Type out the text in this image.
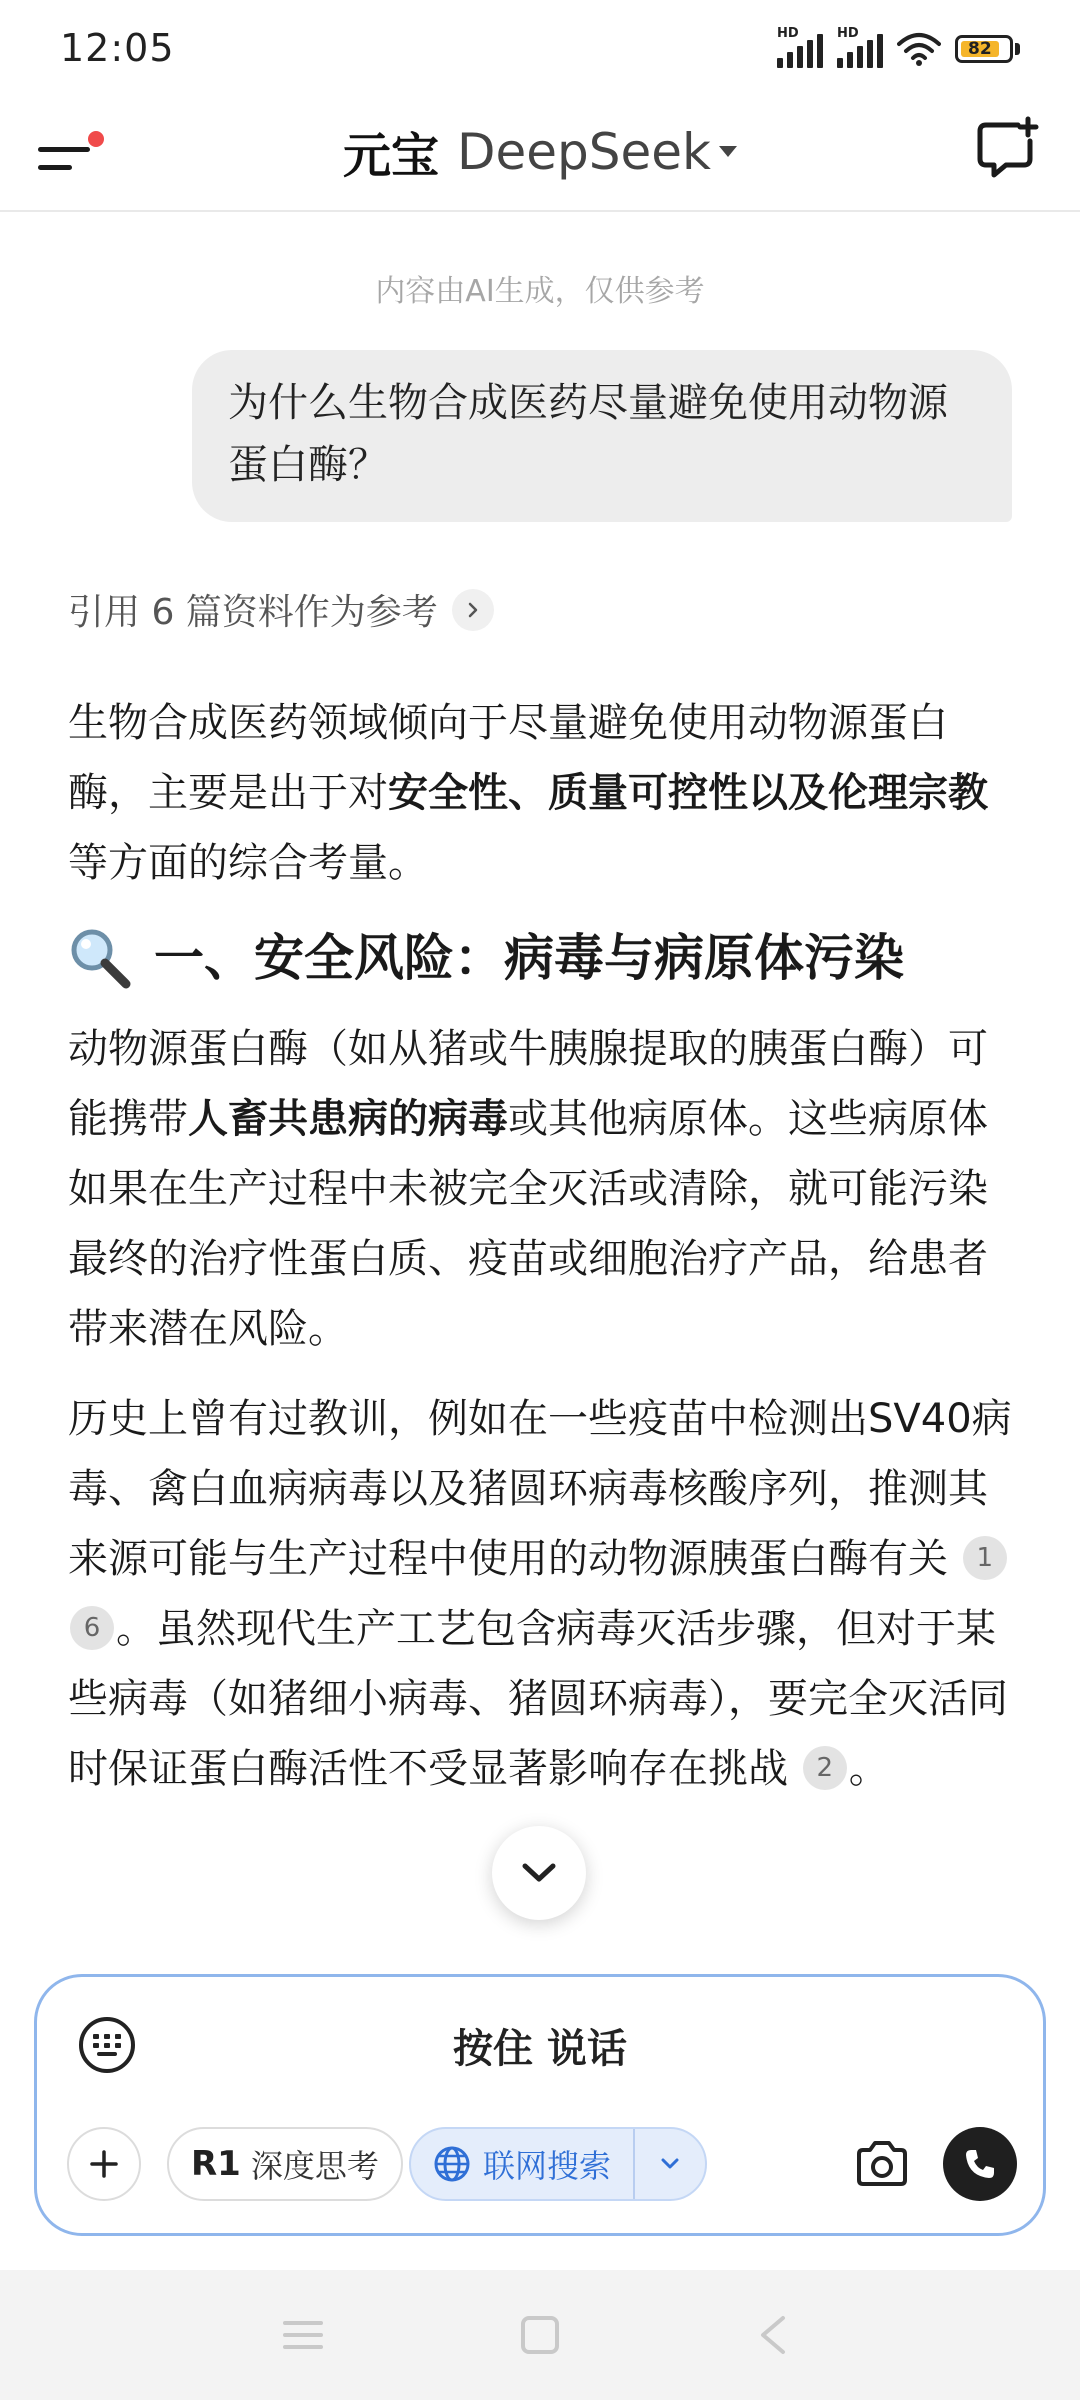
12:05	HD	HD
82
元宝 DeepSeek
内容由AI生成，仅供参考
为什么生物合成医药尽量避免使用动物源蛋白酶？
引用 6 篇资料作为参考

生物合成医药领域倾向于尽量避免使用动物源蛋白酶，主要是出于对安全性、质量可控性以及伦理宗教等方面的综合考量。

一、安全风险：病毒与病原体污染

动物源蛋白酶（如从猪或牛胰腺提取的胰蛋白酶）可能携带人畜共患病的病毒或其他病原体。这些病原体如果在生产过程中未被完全灭活或清除，就可能污染最终的治疗性蛋白质、疫苗或细胞治疗产品，给患者带来潜在风险。

历史上曾有过教训，例如在一些疫苗中检测出SV40病毒、禽白血病病毒以及猪圆环病毒核酸序列，推测其来源可能与生产过程中使用的动物源胰蛋白酶有关 16 。虽然现代生产工艺包含病毒灭活步骤，但对于某些病毒（如猪细小病毒、猪圆环病毒），要完全灭活同时保证蛋白酶活性不受显著影响存在挑战 2 。

按住 说话
R1 深度思考	联网搜索
